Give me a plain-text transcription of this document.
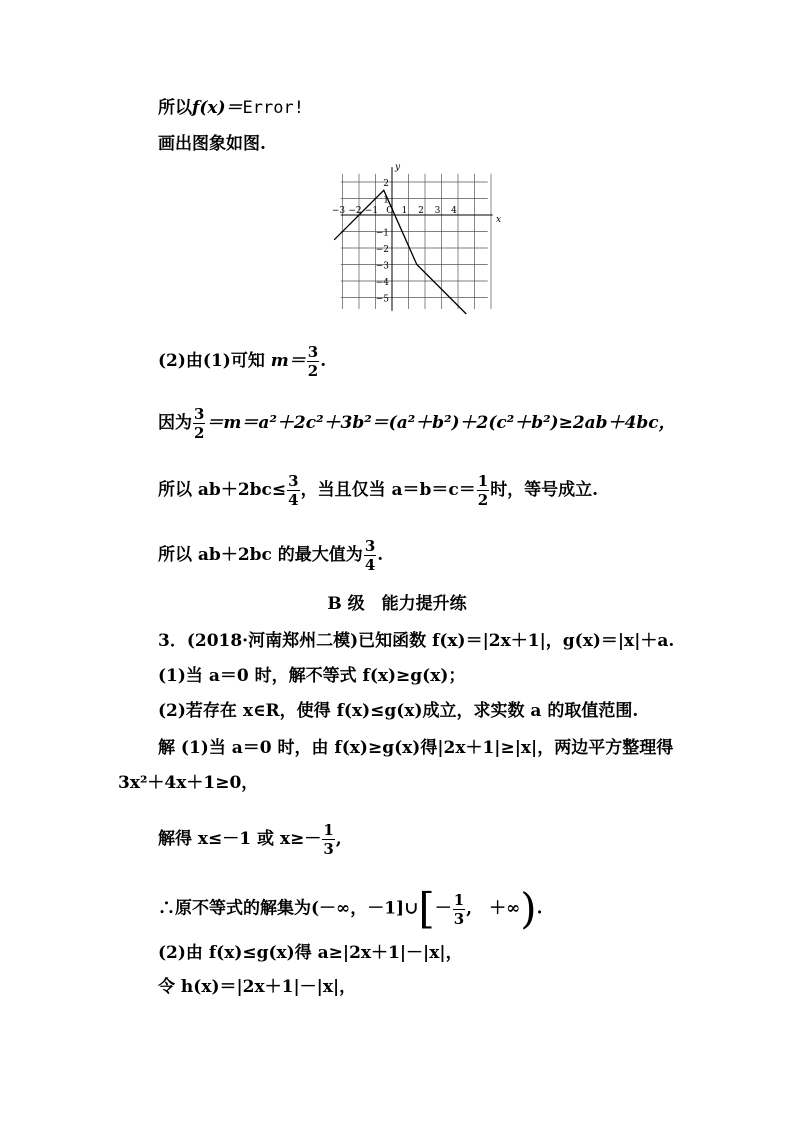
所以f(x)＝Error!
画出图象如图.
−3 −2 −1 O 1 2 3 4
2
1
−1
−2
−3
−4
−5
x
y
(2)由(1)可知 $m= \frac{3}{2}$ .
因为 $\frac{3}{2} =m=a^2+2c^2+3b^2=(a^2+b^2)+2(c^2+b^2)\ge 2ab+4bc$，
所以 $ab+2bc\le \frac{3}{4}$ ，当且仅当 $a=b=c= \frac{1}{2}$ 时，等号成立.
所以 ab＋2bc 的最大值为 $\frac{3}{4}$ .
B 级　能力提升练
3．(2018·河南郑州二模)已知函数 f(x)＝|2x＋1|，g(x)＝|x|＋a.
(1)当 a＝0 时，解不等式 f(x)≥g(x)；
(2)若存在 x∈R，使得 f(x)≤g(x)成立，求实数 a 的取值范围.
解 (1)当 a＝0 时，由 f(x)≥g(x)得|2x＋1|≥|x|，两边平方整理得
3x²＋4x＋1≥0，
解得 x≤－1 或 $x\ge- \frac{1}{3}$ ,
∴原不等式的解集为(－∞，－1]∪[－ $\frac{1}{3}$ ,　＋∞).
(2)由 f(x)≤g(x)得 a≥|2x＋1|－|x|，
令 h(x)＝|2x＋1|－|x|，
